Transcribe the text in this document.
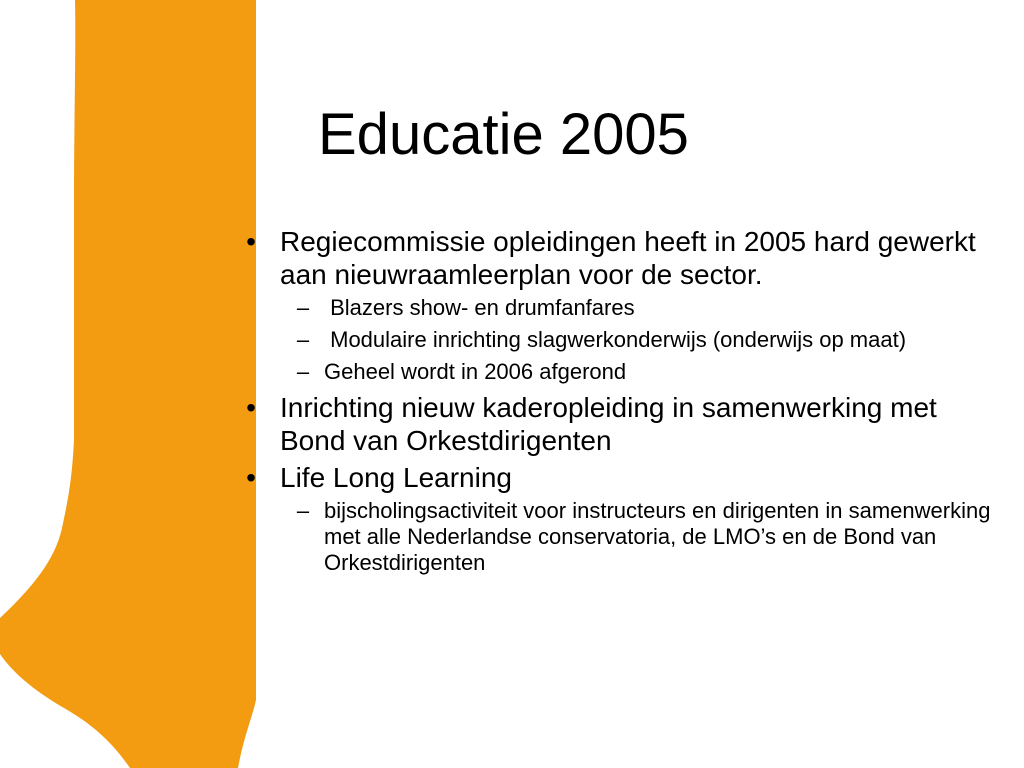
Educatie 2005
• Regiecommissie opleidingen heeft in 2005 hard gewerkt aan nieuwraamleerplan voor de sector.
– Blazers show- en drumfanfares
– Modulaire inrichting slagwerkonderwijs (onderwijs op maat)
– Geheel wordt in 2006 afgerond
• Inrichting nieuw kaderopleiding in samenwerking met Bond van Orkestdirigenten
• Life Long Learning
– bijscholingsactiviteit voor instructeurs en dirigenten in samenwerking met alle Nederlandse conservatoria, de LMO’s en de Bond van Orkestdirigenten
